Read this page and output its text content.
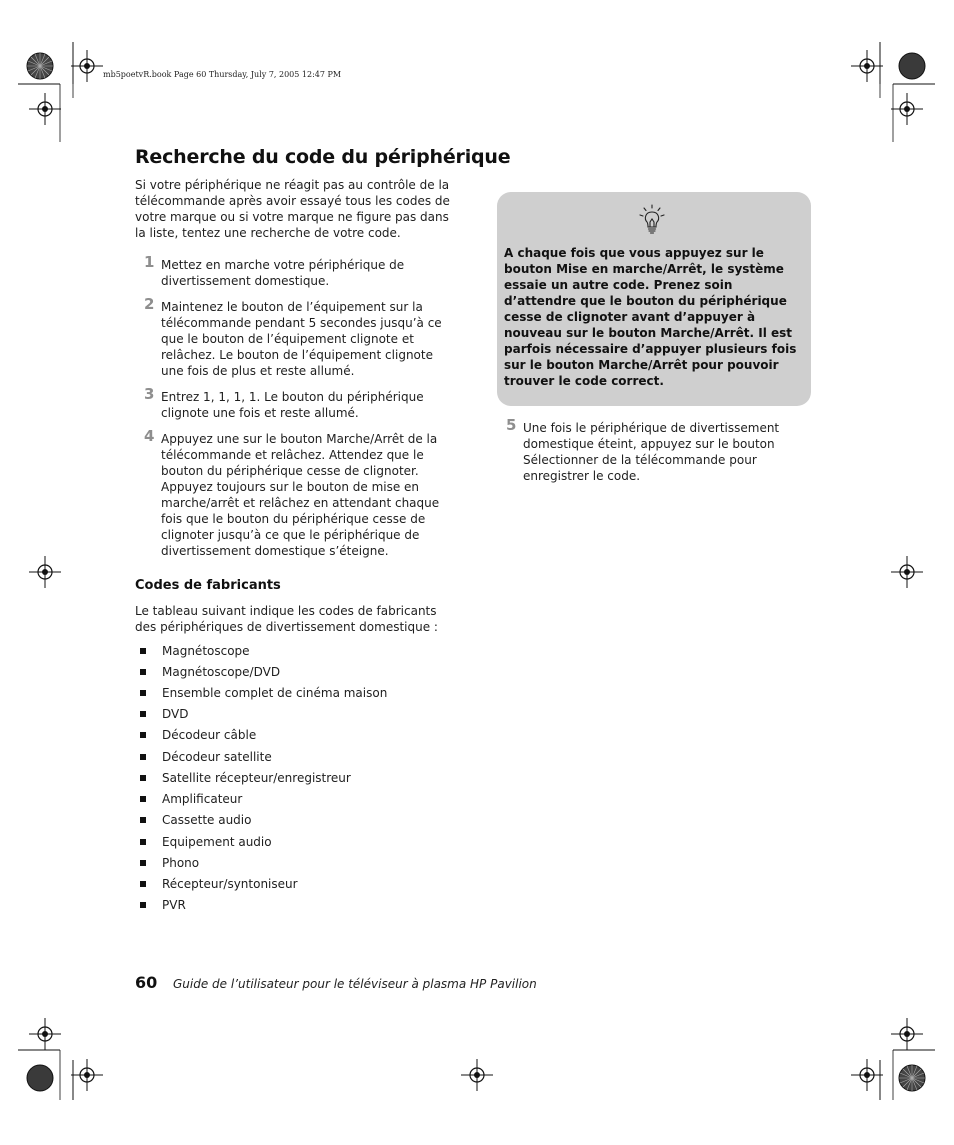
mb5poetvR.book Page 60 Thursday, July 7, 2005 12:47 PM
Recherche du code du périphérique

Si votre périphérique ne réagit pas au contrôle de la télécommande après avoir essayé tous les codes de votre marque ou si votre marque ne figure pas dans la liste, tentez une recherche de votre code.

1 Mettez en marche votre périphérique de divertissement domestique.

2 Maintenez le bouton de l’équipement sur la télécommande pendant 5 secondes jusqu’à ce que le bouton de l’équipement clignote et relâchez. Le bouton de l’équipement clignote une fois de plus et reste allumé.

3 Entrez 1, 1, 1, 1. Le bouton du périphérique clignote une fois et reste allumé.

4 Appuyez une sur le bouton Marche/Arrêt de la télécommande et relâchez. Attendez que le bouton du périphérique cesse de clignoter. Appuyez toujours sur le bouton de mise en marche/arrêt et relâchez en attendant chaque fois que le bouton du périphérique cesse de clignoter jusqu’à ce que le périphérique de divertissement domestique s’éteigne.

Codes de fabricants

Le tableau suivant indique les codes de fabricants des périphériques de divertissement domestique :

Magnétoscope
Magnétoscope/DVD
Ensemble complet de cinéma maison
DVD
Décodeur câble
Décodeur satellite
Satellite récepteur/enregistreur
Amplificateur
Cassette audio
Equipement audio
Phono
Récepteur/syntoniseur
PVR

A chaque fois que vous appuyez sur le bouton Mise en marche/Arrêt, le système essaie un autre code. Prenez soin d’attendre que le bouton du périphérique cesse de clignoter avant d’appuyer à nouveau sur le bouton Marche/Arrêt. Il est parfois nécessaire d’appuyer plusieurs fois sur le bouton Marche/Arrêt pour pouvoir trouver le code correct.

5 Une fois le périphérique de divertissement domestique éteint, appuyez sur le bouton Sélectionner de la télécommande pour enregistrer le code.

60 Guide de l’utilisateur pour le téléviseur à plasma HP Pavilion
